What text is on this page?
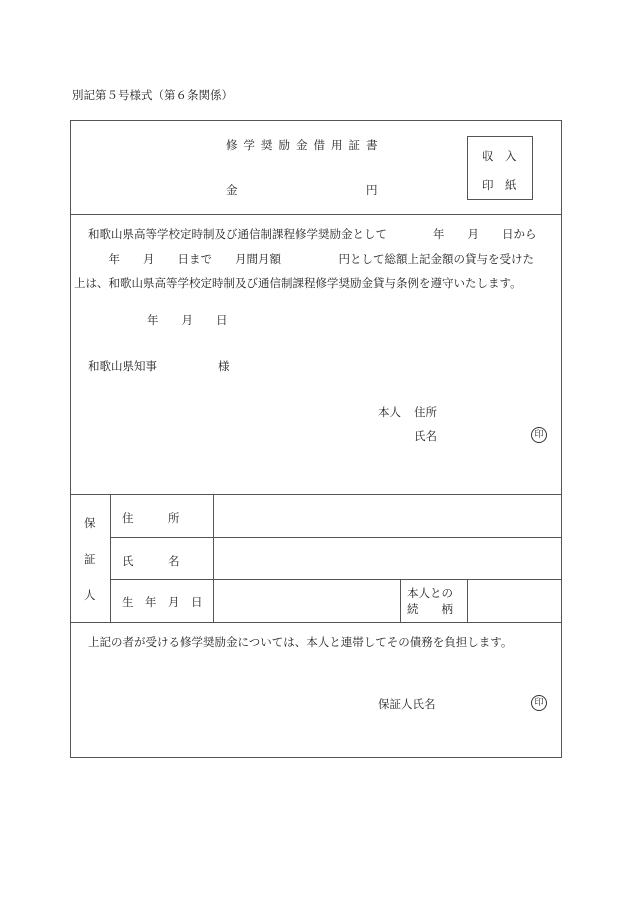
別記第５号様式（第６条関係）
修学奨励金借用証書
金	円
収　入
印　紙
和歌山県高等学校定時制及び通信制課程修学奨励金として　　　　年　　月　　日から
　　　年　　月　　日まで　　月間月額　　　　　円として総額上記金額の貸与を受けた
上は、和歌山県高等学校定時制及び通信制課程修学奨励金貸与条例を遵守いたします。
年　　月　　日
和歌山県知事	様
本人 住所
氏名	印
保
証
人
住　　　所
氏　　　名
生　年　月　日
本人との
続　　柄
上記の者が受ける修学奨励金については、本人と連帯してその債務を負担します。
保証人氏名	印
